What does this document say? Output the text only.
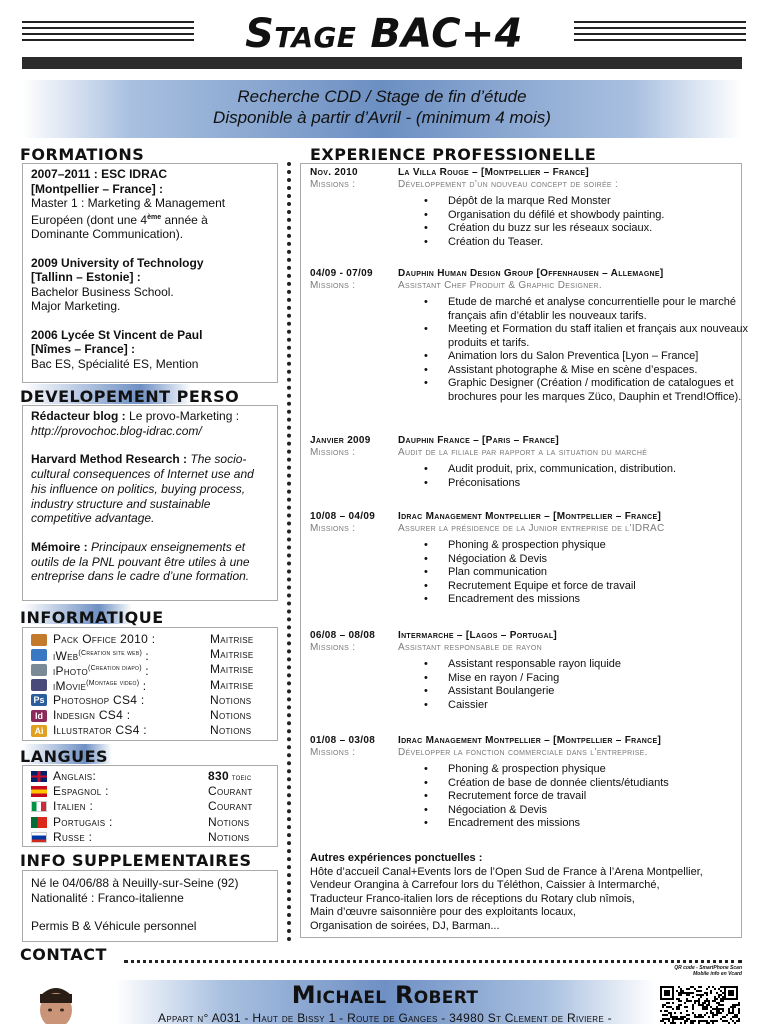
Stage BAC+4
Recherche CDD / Stage de fin d’étude
Disponible à partir d’Avril - (minimum 4 mois)
FORMATIONS
2007–2011 : ESC IDRAC
[Montpellier – France] :
Master 1 : Marketing & Management
Européen (dont une 4ème année à
Dominante Communication).
2009 University of Technology
[Tallinn – Estonie] :
Bachelor Business School.
Major Marketing.
2006 Lycée St Vincent de Paul
[Nîmes – France] :
Bac ES, Spécialité ES, Mention
DEVELOPEMENT PERSO
Rédacteur blog : Le provo-Marketing :
http://provochoc.blog-idrac.com/
Harvard Method Research : The socio-cultural consequences of Internet use and his influence on politics, buying process, industry structure and sustainable competitive advantage.
Mémoire : Principaux enseignements et outils de la PNL pouvant être utiles à une entreprise dans le cadre d’une formation.
INFORMATIQUE
Pack Office 2010 :	Maitrise
iWeb$^{(Creation site web)}$ :	Maitrise
iPhoto$^{(Creation diapo)}$ :	Maitrise
iMovie$^{(Montage video)}$ :	Maitrise
Ps Photoshop CS4 :	Notions
Id Indesign CS4 :	Notions
Ai Illustrator CS4 :	Notions
LANGUES
Anglais:	830 toeic
Espagnol :	Courant
Italien :	Courant
Portugais :	Notions
Russe :	Notions
INFO SUPPLEMENTAIRES
Né le 04/06/88 à Neuilly-sur-Seine (92)
Nationalité : Franco-italienne
Permis B & Véhicule personnel
EXPERIENCE PROFESSIONELLE
Nov. 2010	La Villa Rouge – [Montpellier – France]
Missions :	Développement d’un nouveau concept de soirée :
• Dépôt de la marque Red Monster
• Organisation du défilé et showbody painting.
• Création du buzz sur les réseaux sociaux.
• Création du Teaser.
04/09 - 07/09	Dauphin Human Design Group [Offenhausen – Allemagne]
Missions :	Assistant Chef Produit & Graphic Designer.
• Etude de marché et analyse concurrentielle pour le marché français afin d’établir les nouveaux tarifs.
• Meeting et Formation du staff italien et français aux nouveaux produits et tarifs.
• Animation lors du Salon Preventica [Lyon – France]
• Assistant photographe & Mise en scène d’espaces.
• Graphic Designer (Création / modification de catalogues et brochures pour les marques Züco, Dauphin et Trend!Office).
Janvier 2009	Dauphin France – [Paris – France]
Missions :	Audit de la filiale par rapport a la situation du marché
• Audit produit, prix, communication, distribution.
• Préconisations
10/08 – 04/09	Idrac Management Montpellier – [Montpellier – France]
Missions :	Assurer la présidence de la Junior entreprise de l’IDRAC
• Phoning & prospection physique
• Négociation & Devis
• Plan communication
• Recrutement Equipe et force de travail
• Encadrement des missions
06/08 – 08/08	Intermarche – [Lagos – Portugal]
Missions :	Assistant responsable de rayon
• Assistant responsable rayon liquide
• Mise en rayon / Facing
• Assistant Boulangerie
• Caissier
01/08 – 03/08	Idrac Management Montpellier – [Montpellier – France]
Missions :	Développer la fonction commerciale dans l’entreprise.
• Phoning & prospection physique
• Création de base de donnée clients/étudiants
• Recrutement force de travail
• Négociation & Devis
• Encadrement des missions
Autres expériences ponctuelles :
Hôte d’accueil Canal+Events lors de l’Open Sud de France à l’Arena Montpellier,
Vendeur Orangina à Carrefour lors du Téléthon, Caissier à Intermarché,
Traducteur Franco-italien lors de réceptions du Rotary club nîmois,
Main d’œuvre saisonnière pour des exploitants locaux,
Organisation de soirées, DJ, Barman...
CONTACT
QR code - SmartPhone Scan
Mobile info en Vcard
Michael Robert
Appart n° A031 - Haut de Bissy 1 - Route de Ganges - 34980 St Clement de Riviere -
